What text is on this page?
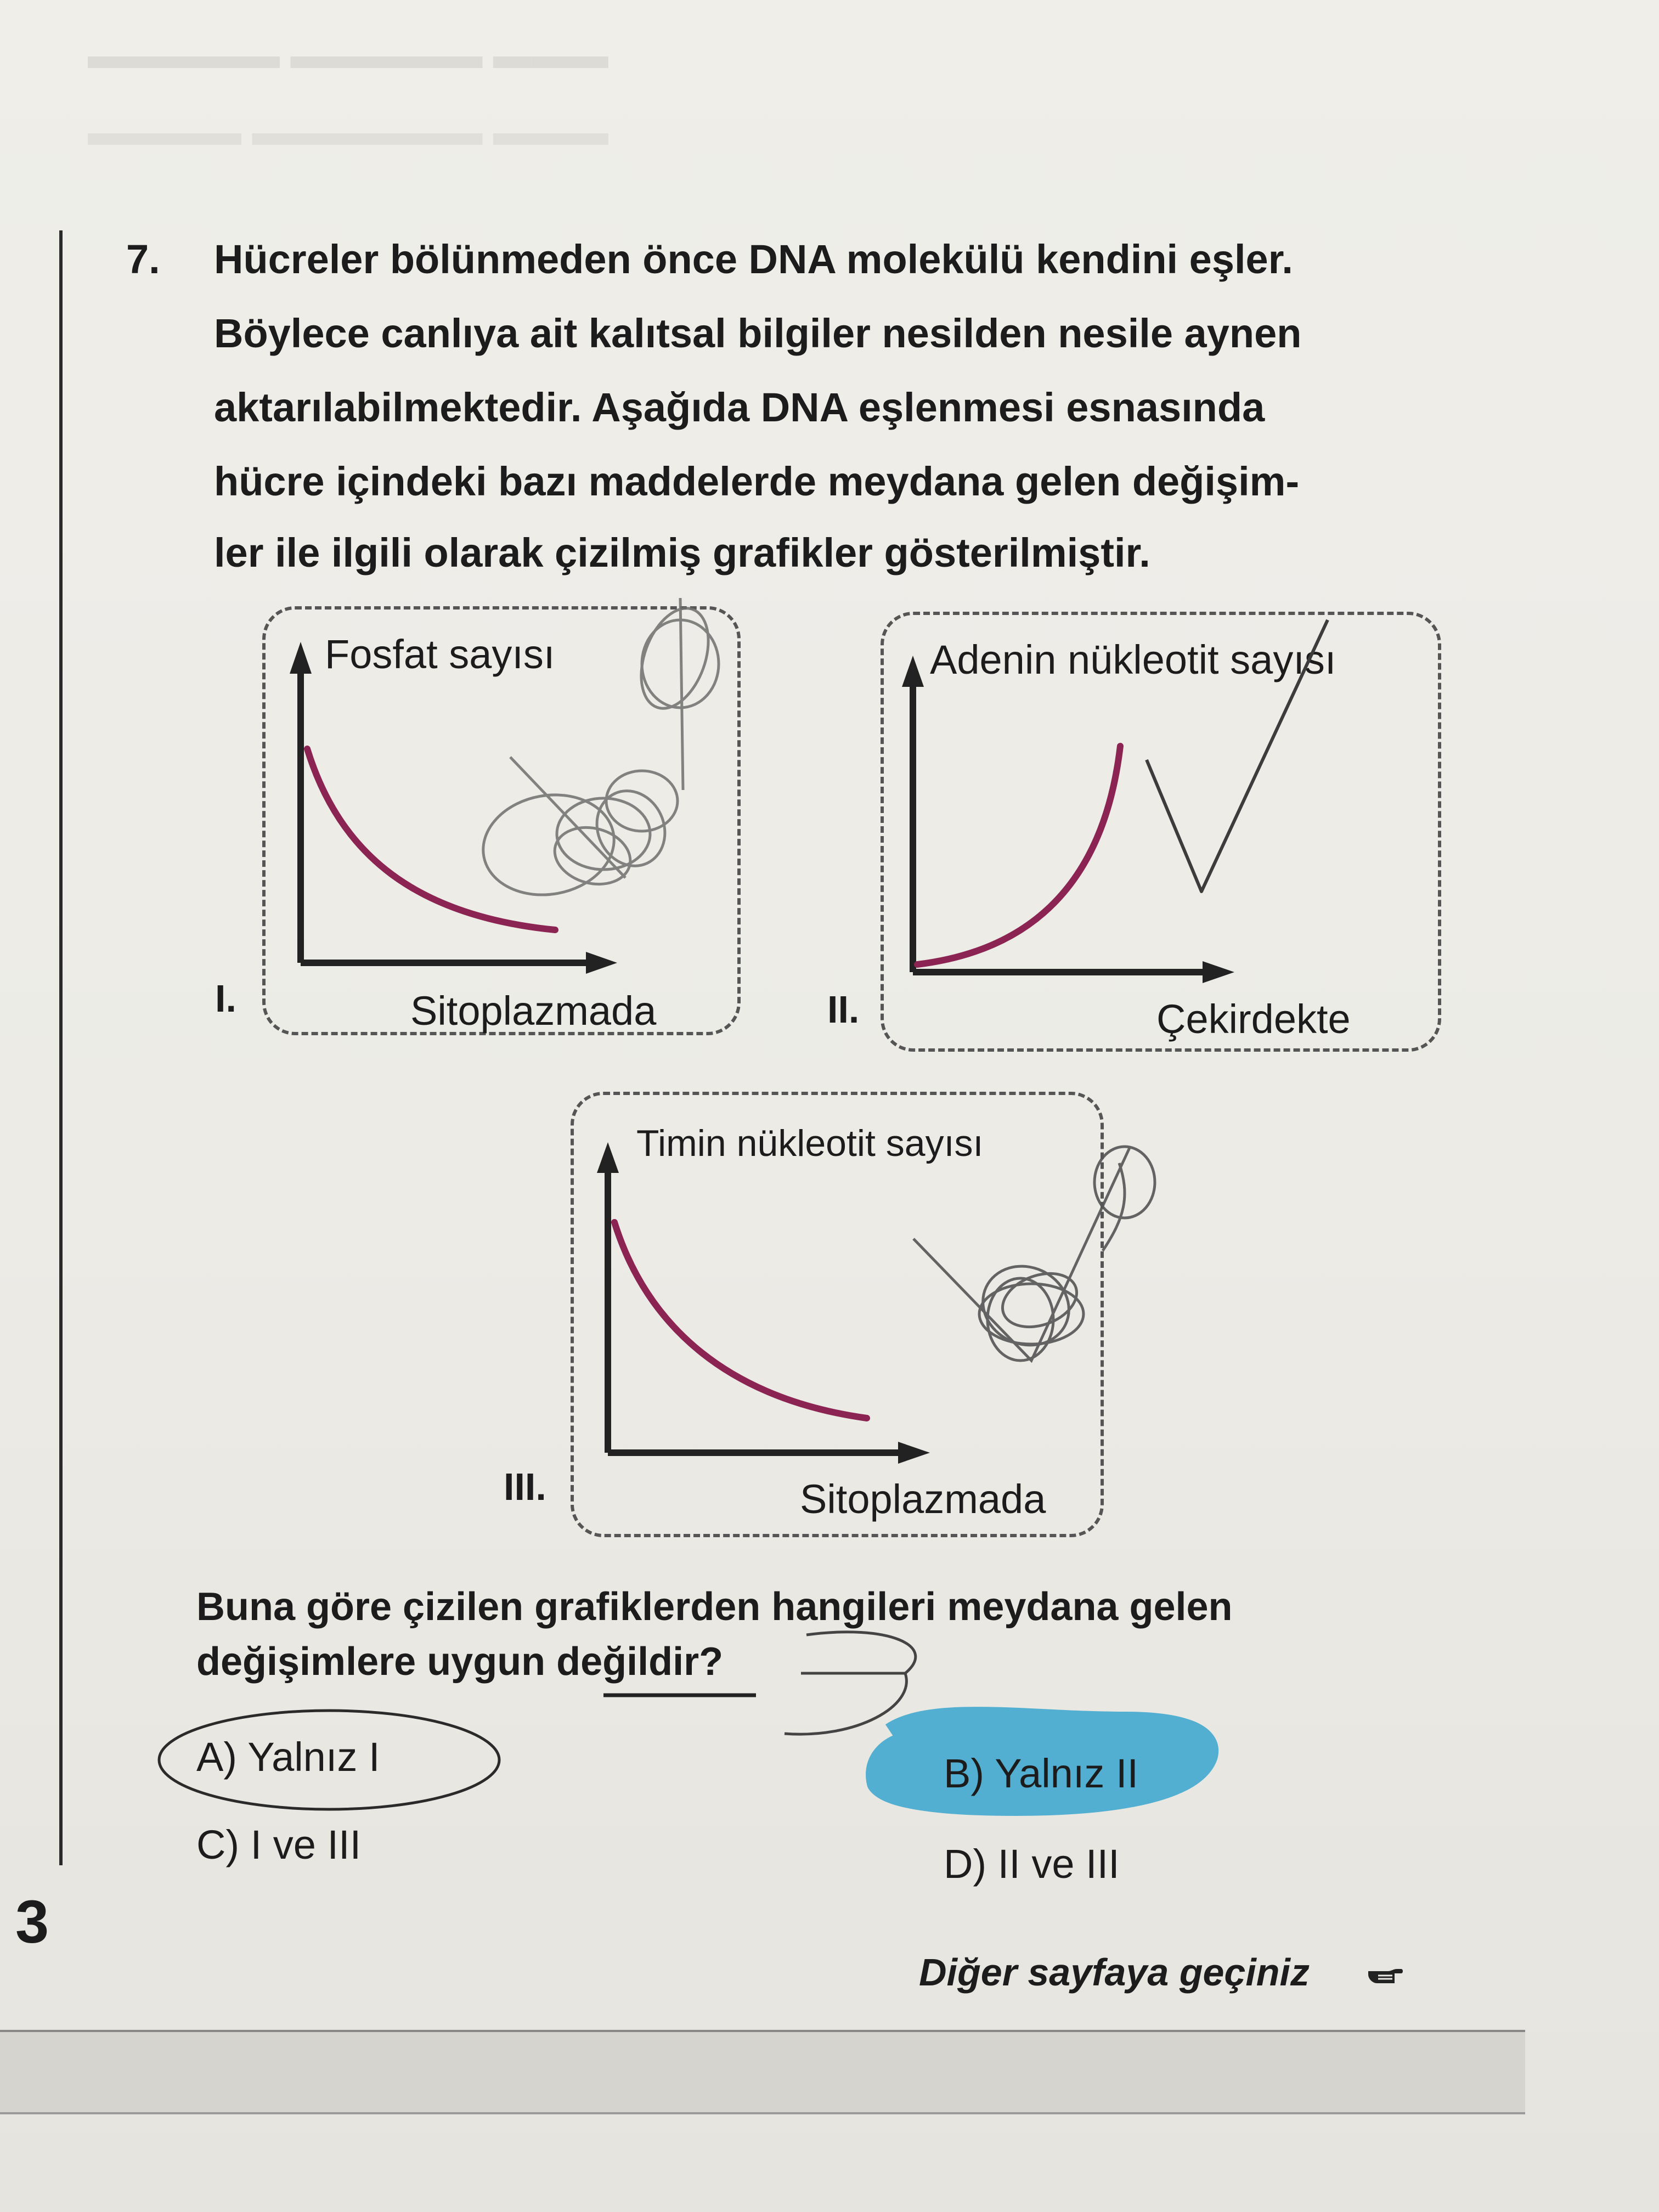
▬▬▬ ▬▬▬▬▬ ▬▬▬▬▬
▬▬▬ ▬▬▬▬▬▬ ▬▬▬▬
7. Hücreler bölünmeden önce DNA molekülü kendini eşler.
Böylece canlıya ait kalıtsal bilgiler nesilden nesile aynen
aktarılabilmektedir. Aşağıda DNA eşlenmesi esnasında
hücre içindeki bazı maddelerde meydana gelen değişim-
ler ile ilgili olarak çizilmiş grafikler gösterilmiştir.
Fosfat sayısı
Sitoplazmada
I.
Adenin nükleotit sayısı
Çekirdekte
II.
Timin nükleotit sayısı
Sitoplazmada
III.
Buna göre çizilen grafiklerden hangileri meydana gelen
değişimlere uygun değildir?
A) Yalnız I	B) Yalnız II
C) I ve III	D) II ve III
3
Diğer sayfaya geçiniz
